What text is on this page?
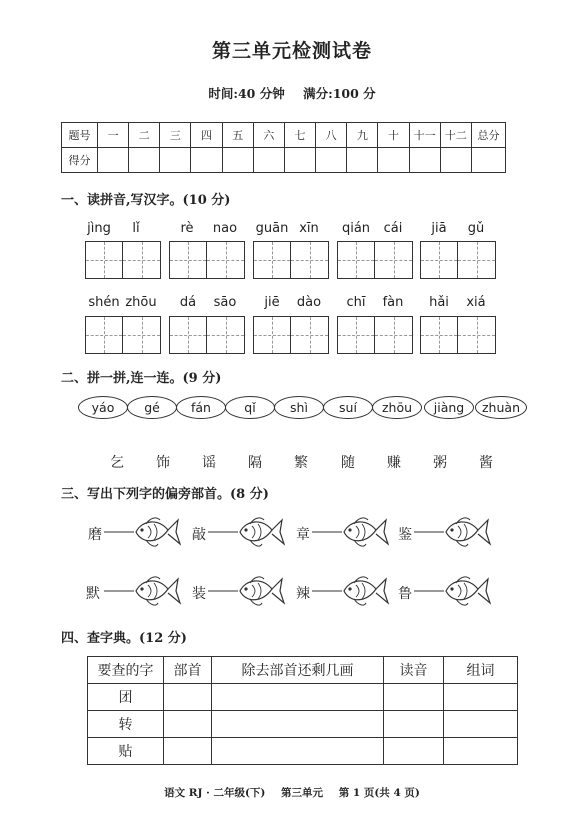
第三单元检测试卷
时间:40 分钟 满分:100 分
题号	一	二	三	四	五	六	七	八	九	十	十一	十二	总分
得分													
一、读拼音,写汉字。(10 分)
jìng	lǐ	rè	nao	guān xīn	qián	cái	jiā	gǔ
shén zhōu	dá	sāo	jiē	dào	chī	fàn	hǎi	xiá
二、拼一拼,连一连。(9 分)
yáo	gé	fán	qǐ	shì	suí	zhōu	jiàng	zhuàn
乞	饰	谣	隔	繁	随	赚	粥	酱
三、写出下列字的偏旁部首。(8 分)
磨	敲	章	鉴
默	装	辣	鲁
四、查字典。(12 分)
要查的字	部首	除去部首还剩几画	读音	组词
团				
转				
贴				
语文 RJ · 二年级(下) 第三单元 第 1 页(共 4 页)
